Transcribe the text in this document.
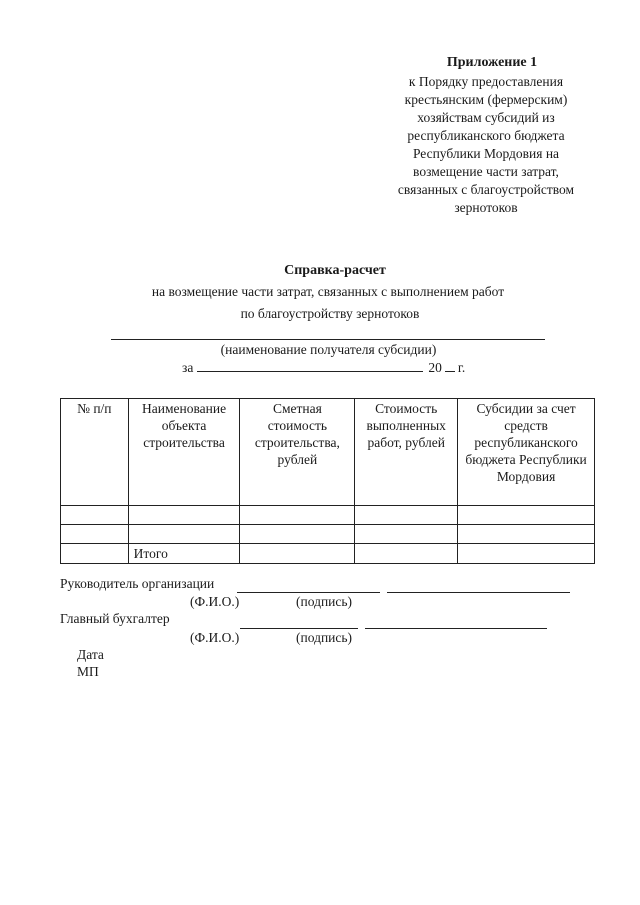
Приложение 1
к Порядку предоставления
крестьянским (фермерским)
хозяйствам субсидий из
республиканского бюджета
Республики Мордовия на
возмещение части затрат,
связанных с благоустройством
зернотоков
Справка-расчет
на возмещение части затрат, связанных с выполнением работ
по благоустройству зернотоков
(наименование получателя субсидии)
за	20 г.
№ п/п	Наименование объекта строительства	Сметная стоимость строительства, рублей	Стоимость выполненных работ, рублей	Субсидии за счет средств республиканского бюджета Республики Мордовия

	Итого			
Руководитель организации
(Ф.И.О.)	(подпись)
Главный бухгалтер
(Ф.И.О.)	(подпись)
Дата
МП
